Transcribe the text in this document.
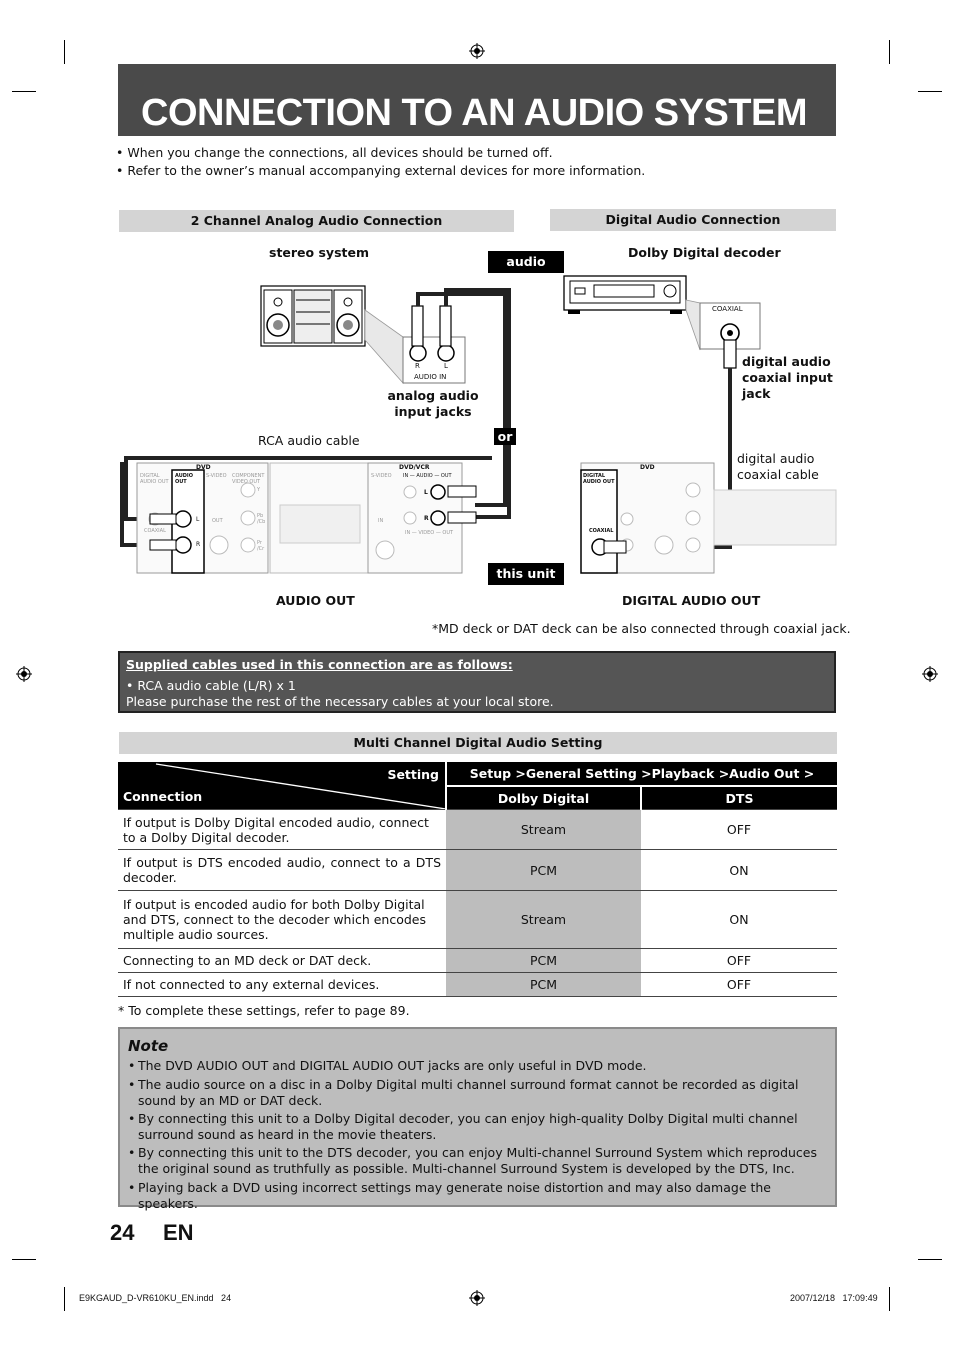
CONNECTION TO AN AUDIO SYSTEM
• When you change the connections, all devices should be turned off.
• Refer to the owner’s manual accompanying external devices for more information.
2 Channel Analog Audio Connection	Digital Audio Connection
stereo system
audio
R	L
AUDIO IN
analog audio
input jacks
RCA audio cable	or
this unit
DVD
DIGITAL AUDIO OUT
AUDIO OUT
S-VIDEO COMPONENT VIDEO OUT
COAXIAL
L
R
OUT
Y
Pb /Cb
Pr /Cr
DVD/VCR
S-VIDEO IN — AUDIO — OUT
L
R
IN
IN — VIDEO — OUT
AUDIO OUT
Dolby Digital decoder
COAXIAL
digital audio
coaxial input
jack
digital audio
coaxial cable
DVD
DIGITAL AUDIO OUT
COAXIAL
DIGITAL AUDIO OUT
*MD deck or DAT deck can be also connected through coaxial jack.
Supplied cables used in this connection are as follows:
• RCA audio cable (L/R) x 1
Please purchase the rest of the necessary cables at your local store.
Multi Channel Digital Audio Setting
Setting
Connection	Setup >General Setting >Playback >Audio Out >	
	Dolby Digital	DTS
If output is Dolby Digital encoded audio, connect to a Dolby Digital decoder.	Stream	OFF
If output is DTS encoded audio, connect to a DTS decoder.	PCM	ON
If output is encoded audio for both Dolby Digital and DTS, connect to the decoder which encodes multiple audio sources.	Stream	ON
Connecting to an MD deck or DAT deck.	PCM	OFF
If not connected to any external devices.	PCM	OFF
* To complete these settings, refer to page 89.
Note
• The DVD AUDIO OUT and DIGITAL AUDIO OUT jacks are only useful in DVD mode.
• The audio source on a disc in a Dolby Digital multi channel surround format cannot be recorded as digital sound by an MD or DAT deck.
• By connecting this unit to a Dolby Digital decoder, you can enjoy high-quality Dolby Digital multi channel surround sound as heard in the movie theaters.
• By connecting this unit to the DTS decoder, you can enjoy Multi-channel Surround System which reproduces the original sound as truthfully as possible. Multi-channel Surround System is developed by the DTS, Inc.
• Playing back a DVD using incorrect settings may generate noise distortion and may also damage the speakers.
24 EN
E9KGAUD_D-VR610KU_EN.indd   24	2007/12/18   17:09:49
